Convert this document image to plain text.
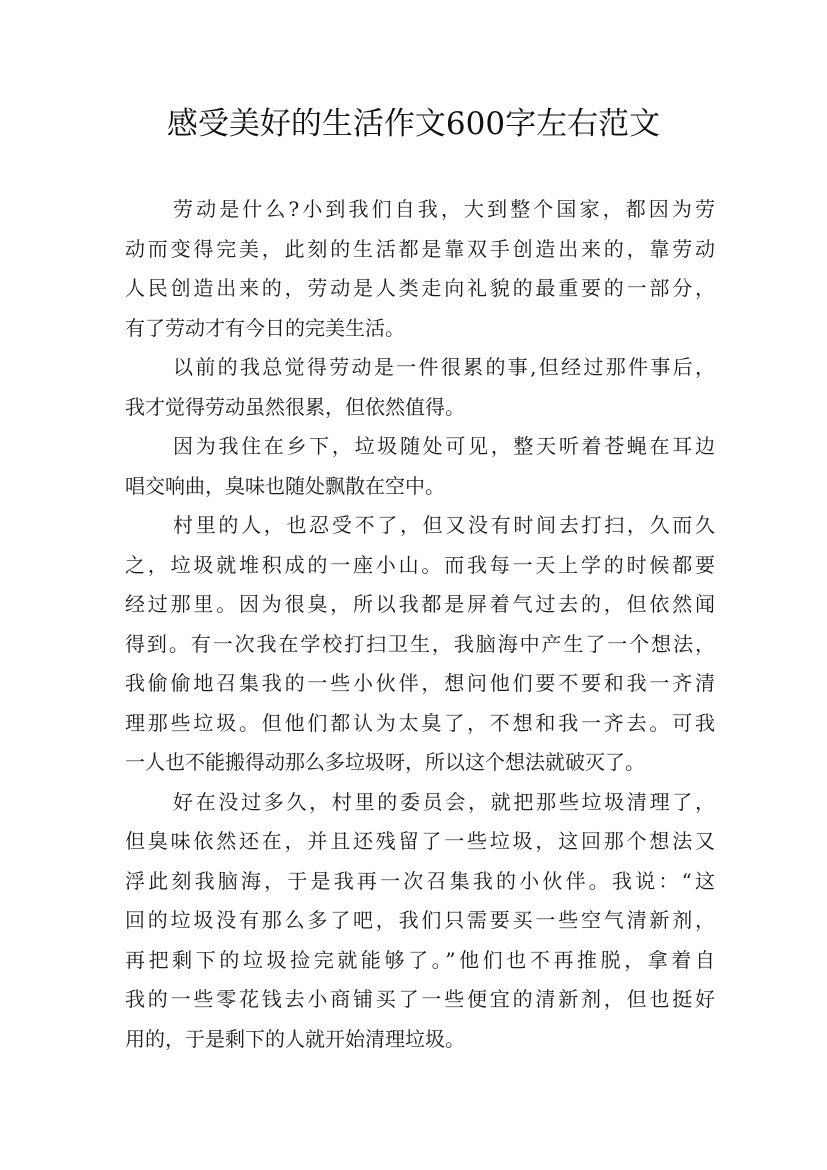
感受美好的生活作文600字左右范文
劳动是什么?小到我们自我，大到整个国家，都因为劳
动而变得完美，此刻的生活都是靠双手创造出来的，靠劳动
人民创造出来的，劳动是人类走向礼貌的最重要的一部分，
有了劳动才有今日的完美生活。
以前的我总觉得劳动是一件很累的事,但经过那件事后，
我才觉得劳动虽然很累，但依然值得。
因为我住在乡下，垃圾随处可见，整天听着苍蝇在耳边
唱交响曲，臭味也随处飘散在空中。
村里的人，也忍受不了，但又没有时间去打扫，久而久
之，垃圾就堆积成的一座小山。而我每一天上学的时候都要
经过那里。因为很臭，所以我都是屏着气过去的，但依然闻
得到。有一次我在学校打扫卫生，我脑海中产生了一个想法，
我偷偷地召集我的一些小伙伴，想问他们要不要和我一齐清
理那些垃圾。但他们都认为太臭了，不想和我一齐去。可我
一人也不能搬得动那么多垃圾呀，所以这个想法就破灭了。
好在没过多久，村里的委员会，就把那些垃圾清理了，
但臭味依然还在，并且还残留了一些垃圾，这回那个想法又
浮此刻我脑海，于是我再一次召集我的小伙伴。我说：“这
回的垃圾没有那么多了吧，我们只需要买一些空气清新剂，
再把剩下的垃圾捡完就能够了。”他们也不再推脱，拿着自
我的一些零花钱去小商铺买了一些便宜的清新剂，但也挺好
用的，于是剩下的人就开始清理垃圾。
